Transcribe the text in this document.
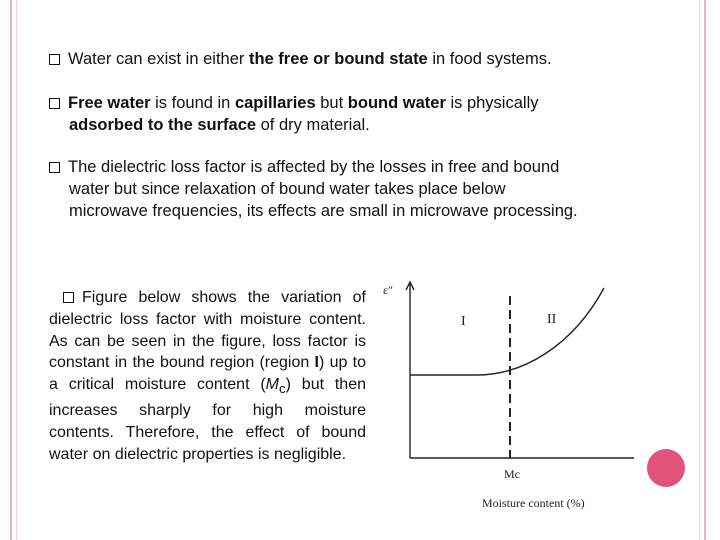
Water can exist in either the free or bound state in food systems.
Free water is found in capillaries but bound water is physically
adsorbed to the surface of dry material.
The dielectric loss factor is affected by the losses in free and bound
water but since relaxation of bound water takes place below
microwave frequencies, its effects are small in microwave processing.
Figure below shows the variation of dielectric loss factor with moisture content. As can be seen in the figure, loss factor is constant in the bound region (region I) up to a critical moisture content $(M_c)$ but then increases sharply for high moisture contents. Therefore, the effect of bound water on dielectric properties is negligible.
ε″
I	II
Mc
Moisture content (%)
